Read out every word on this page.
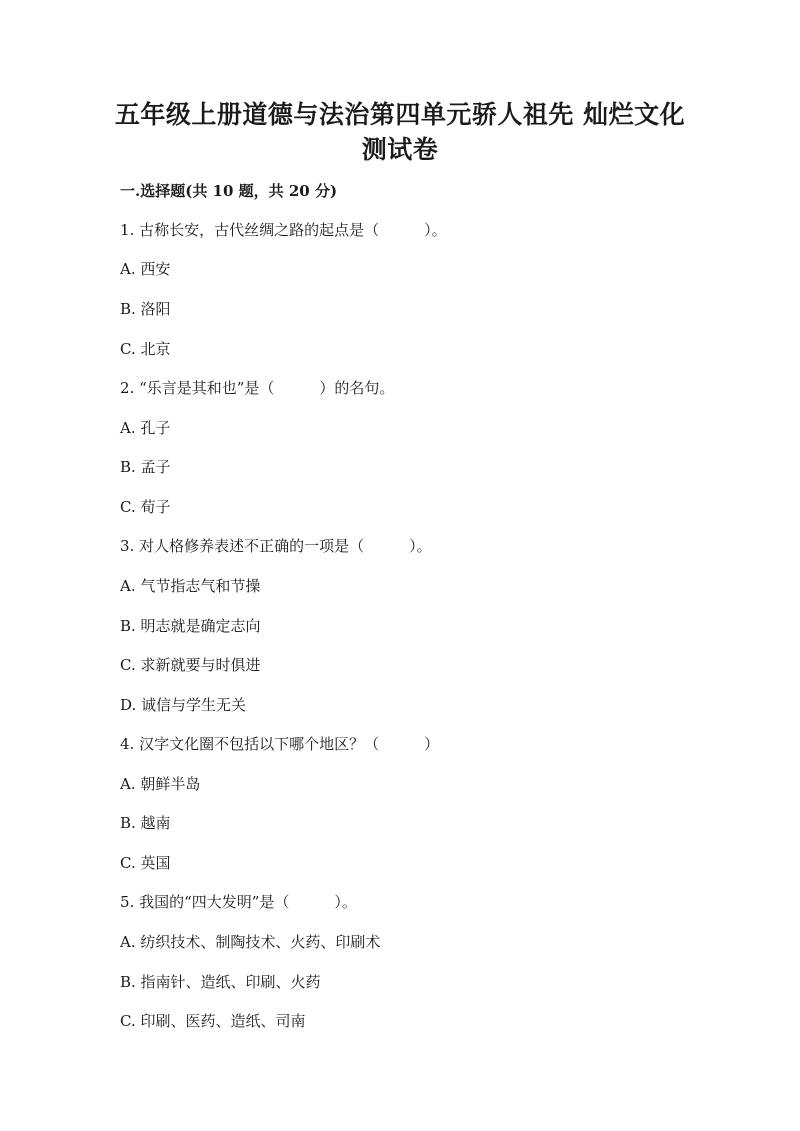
五年级上册道德与法治第四单元骄人祖先 灿烂文化
测试卷
一.选择题(共 10 题，共 20 分)
1. 古称长安，古代丝绸之路的起点是（　　　）。
A. 西安
B. 洛阳
C. 北京
2. “乐言是其和也”是（　　　）的名句。
A. 孔子
B. 孟子
C. 荀子
3. 对人格修养表述不正确的一项是（　　　）。
A. 气节指志气和节操
B. 明志就是确定志向
C. 求新就要与时俱进
D. 诚信与学生无关
4. 汉字文化圈不包括以下哪个地区？（　　　）
A. 朝鲜半岛
B. 越南
C. 英国
5. 我国的“四大发明”是（　　　）。
A. 纺织技术、制陶技术、火药、印刷术
B. 指南针、造纸、印刷、火药
C. 印刷、医药、造纸、司南
